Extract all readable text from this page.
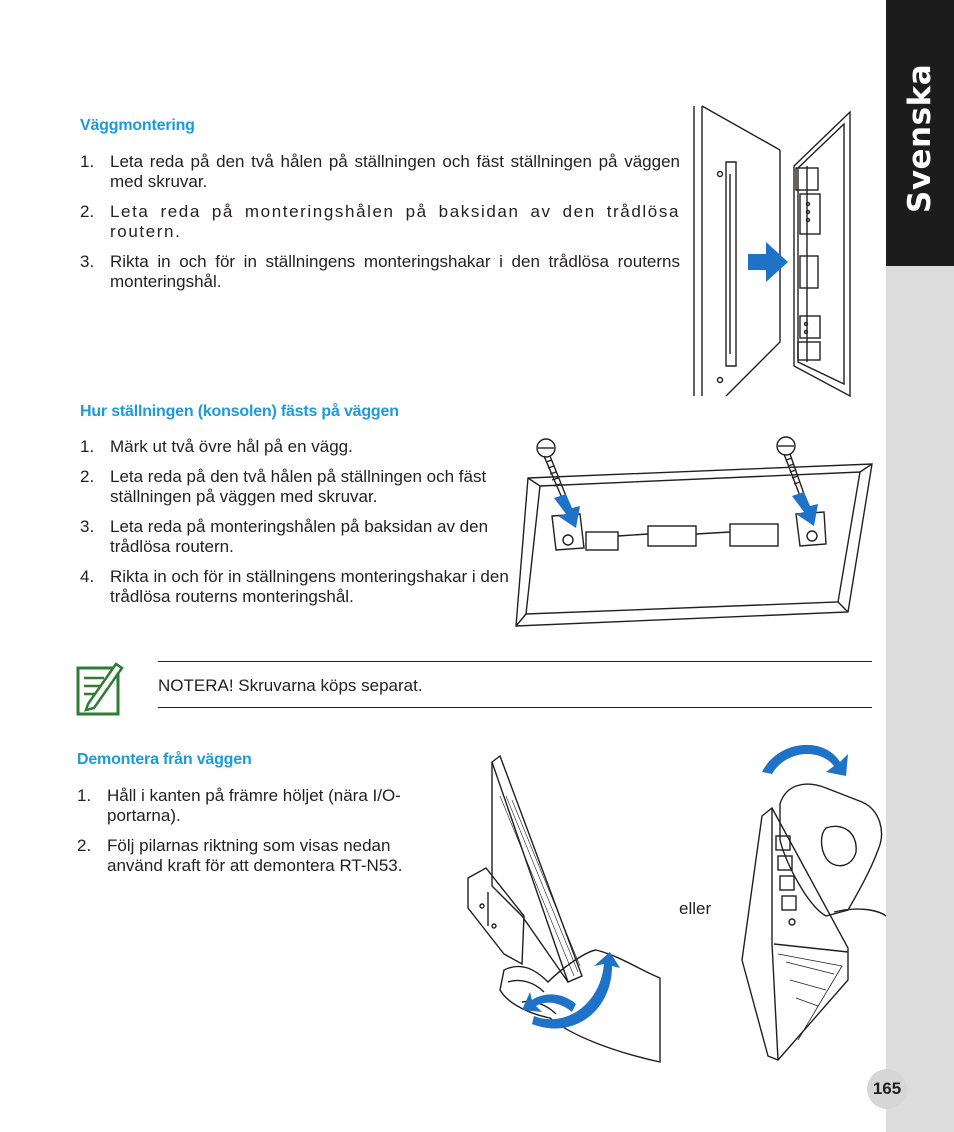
Svenska
Väggmontering
1. Leta reda på den två hålen på ställningen och fäst ställningen på väggen med skruvar.
2. Leta reda på monteringshålen på baksidan av den trådlösa routern.
3. Rikta in och för in ställningens monteringshakar i den trådlösa routerns monteringshål.
Hur ställningen (konsolen) fästs på väggen
1. Märk ut två övre hål på en vägg.
2. Leta reda på den två hålen på ställningen och fäst ställningen på väggen med skruvar.
3. Leta reda på monteringshålen på baksidan av den trådlösa routern.
4. Rikta in och för in ställningens monteringshakar i den trådlösa routerns monteringshål.
NOTERA! Skruvarna köps separat.
Demontera från väggen
1. Håll i kanten på främre höljet (nära I/O-portarna).
2. Följ pilarnas riktning som visas nedan använd kraft för att demontera RT-N53.
eller
165
